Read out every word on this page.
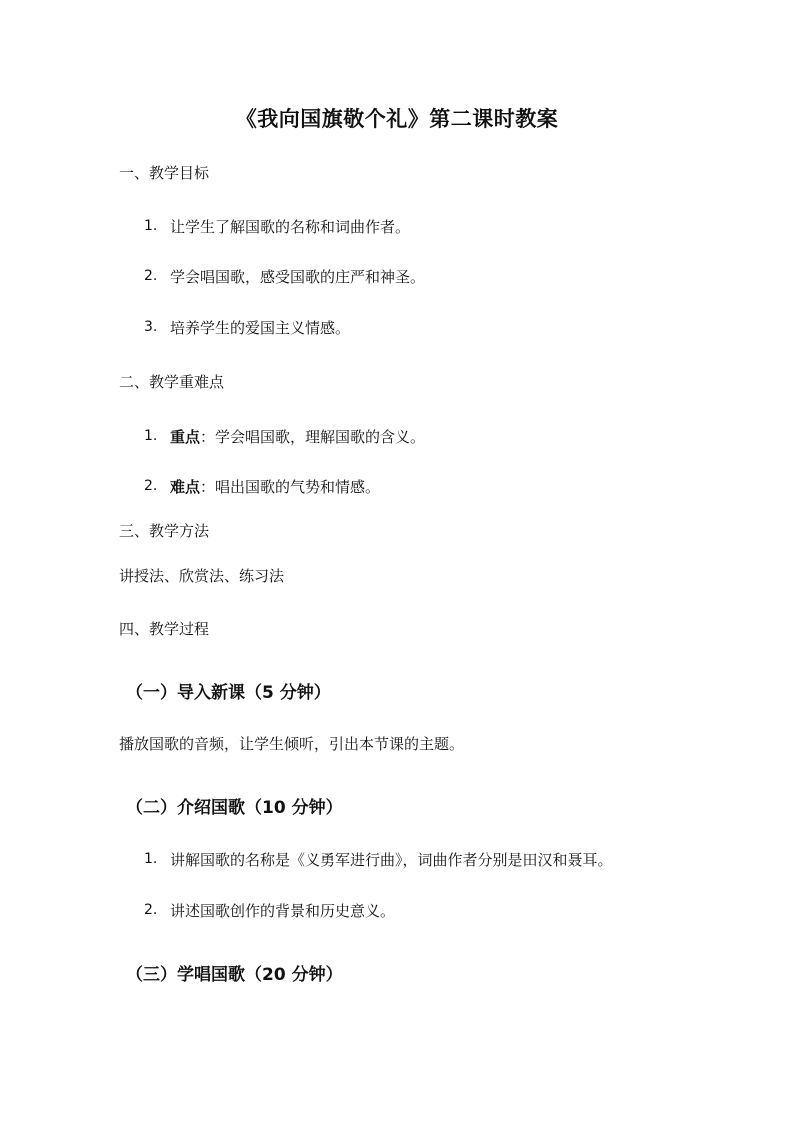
《我向国旗敬个礼》第二课时教案
一、教学目标
1. 让学生了解国歌的名称和词曲作者。
2. 学会唱国歌，感受国歌的庄严和神圣。
3. 培养学生的爱国主义情感。
二、教学重难点
1. 重点：学会唱国歌，理解国歌的含义。
2. 难点：唱出国歌的气势和情感。
三、教学方法
讲授法、欣赏法、练习法
四、教学过程
（一）导入新课（5 分钟）
播放国歌的音频，让学生倾听，引出本节课的主题。
（二）介绍国歌（10 分钟）
1. 讲解国歌的名称是《义勇军进行曲》，词曲作者分别是田汉和聂耳。
2. 讲述国歌创作的背景和历史意义。
（三）学唱国歌（20 分钟）
